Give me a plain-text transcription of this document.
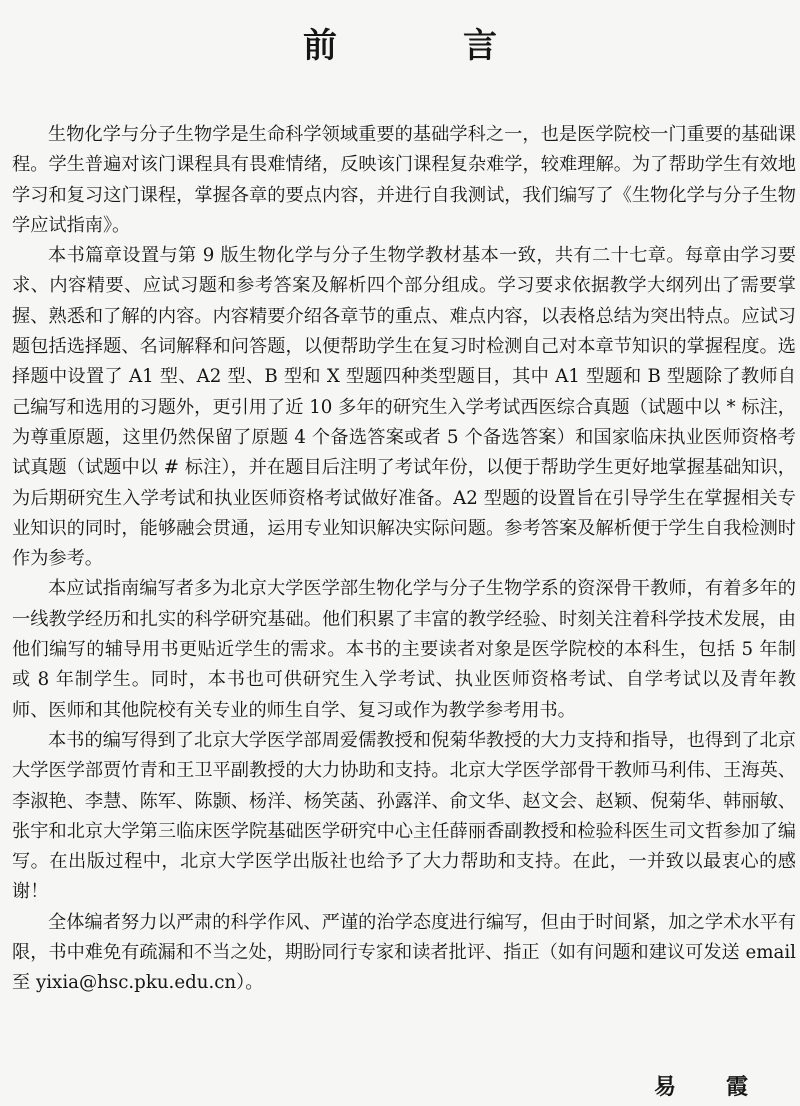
前　言

生物化学与分子生物学是生命科学领域重要的基础学科之一，也是医学院校一门重要的基础课程。学生普遍对该门课程具有畏难情绪，反映该门课程复杂难学，较难理解。为了帮助学生有效地学习和复习这门课程，掌握各章的要点内容，并进行自我测试，我们编写了《生物化学与分子生物学应试指南》。

本书篇章设置与第 9 版生物化学与分子生物学教材基本一致，共有二十七章。每章由学习要求、内容精要、应试习题和参考答案及解析四个部分组成。学习要求依据教学大纲列出了需要掌握、熟悉和了解的内容。内容精要介绍各章节的重点、难点内容，以表格总结为突出特点。应试习题包括选择题、名词解释和问答题，以便帮助学生在复习时检测自己对本章节知识的掌握程度。选择题中设置了 A1 型、A2 型、B 型和 X 型题四种类型题目，其中 A1 型题和 B 型题除了教师自己编写和选用的习题外，更引用了近 10 多年的研究生入学考试西医综合真题（试题中以 * 标注，为尊重原题，这里仍然保留了原题 4 个备选答案或者 5 个备选答案）和国家临床执业医师资格考试真题（试题中以 # 标注），并在题目后注明了考试年份，以便于帮助学生更好地掌握基础知识，为后期研究生入学考试和执业医师资格考试做好准备。A2 型题的设置旨在引导学生在掌握相关专业知识的同时，能够融会贯通，运用专业知识解决实际问题。参考答案及解析便于学生自我检测时作为参考。

本应试指南编写者多为北京大学医学部生物化学与分子生物学系的资深骨干教师，有着多年的一线教学经历和扎实的科学研究基础。他们积累了丰富的教学经验、时刻关注着科学技术发展，由他们编写的辅导用书更贴近学生的需求。本书的主要读者对象是医学院校的本科生，包括 5 年制或 8 年制学生。同时，本书也可供研究生入学考试、执业医师资格考试、自学考试以及青年教师、医师和其他院校有关专业的师生自学、复习或作为教学参考用书。

本书的编写得到了北京大学医学部周爱儒教授和倪菊华教授的大力支持和指导，也得到了北京大学医学部贾竹青和王卫平副教授的大力协助和支持。北京大学医学部骨干教师马利伟、王海英、李淑艳、李慧、陈军、陈颢、杨洋、杨笑菡、孙露洋、俞文华、赵文会、赵颖、倪菊华、韩丽敏、张宇和北京大学第三临床医学院基础医学研究中心主任薛丽香副教授和检验科医生司文哲参加了编写。在出版过程中，北京大学医学出版社也给予了大力帮助和支持。在此，一并致以最衷心的感谢！

全体编者努力以严肃的科学作风、严谨的治学态度进行编写，但由于时间紧，加之学术水平有限，书中难免有疏漏和不当之处，期盼同行专家和读者批评、指正（如有问题和建议可发送 email 至 yixia@hsc.pku.edu.cn）。

易　霞
